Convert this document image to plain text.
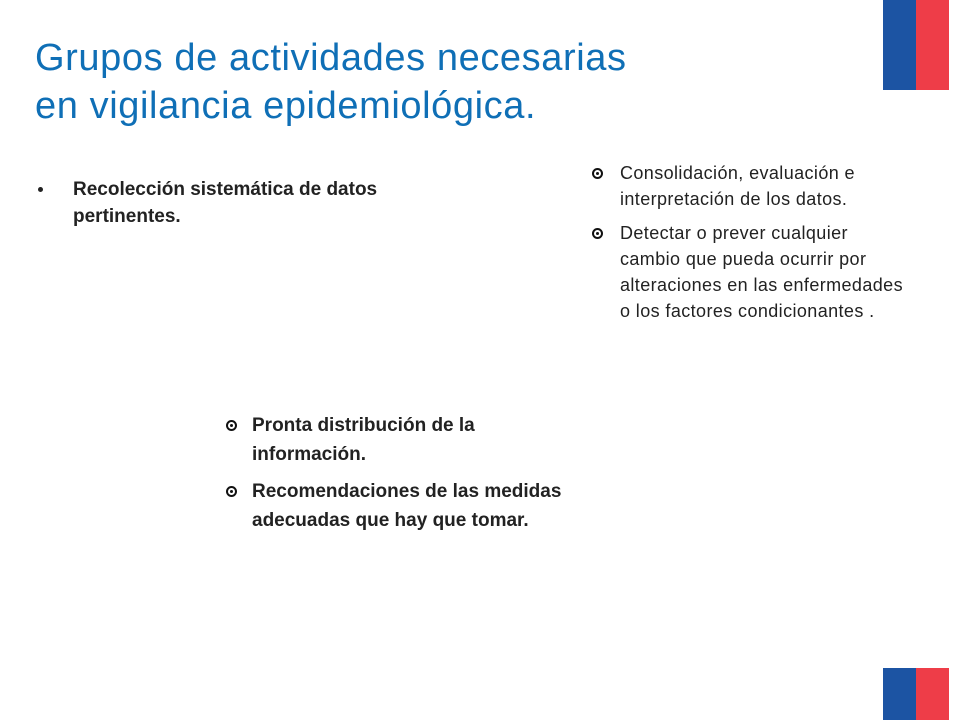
Grupos de actividades necesarias
en vigilancia epidemiológica.
Recolección sistemática de datos pertinentes.
Consolidación, evaluación e interpretación de los datos.
Detectar o prever cualquier cambio que pueda ocurrir por alteraciones en las enfermedades o los factores condicionantes .
Pronta distribución de la información.
Recomendaciones de las medidas adecuadas que hay que tomar.
